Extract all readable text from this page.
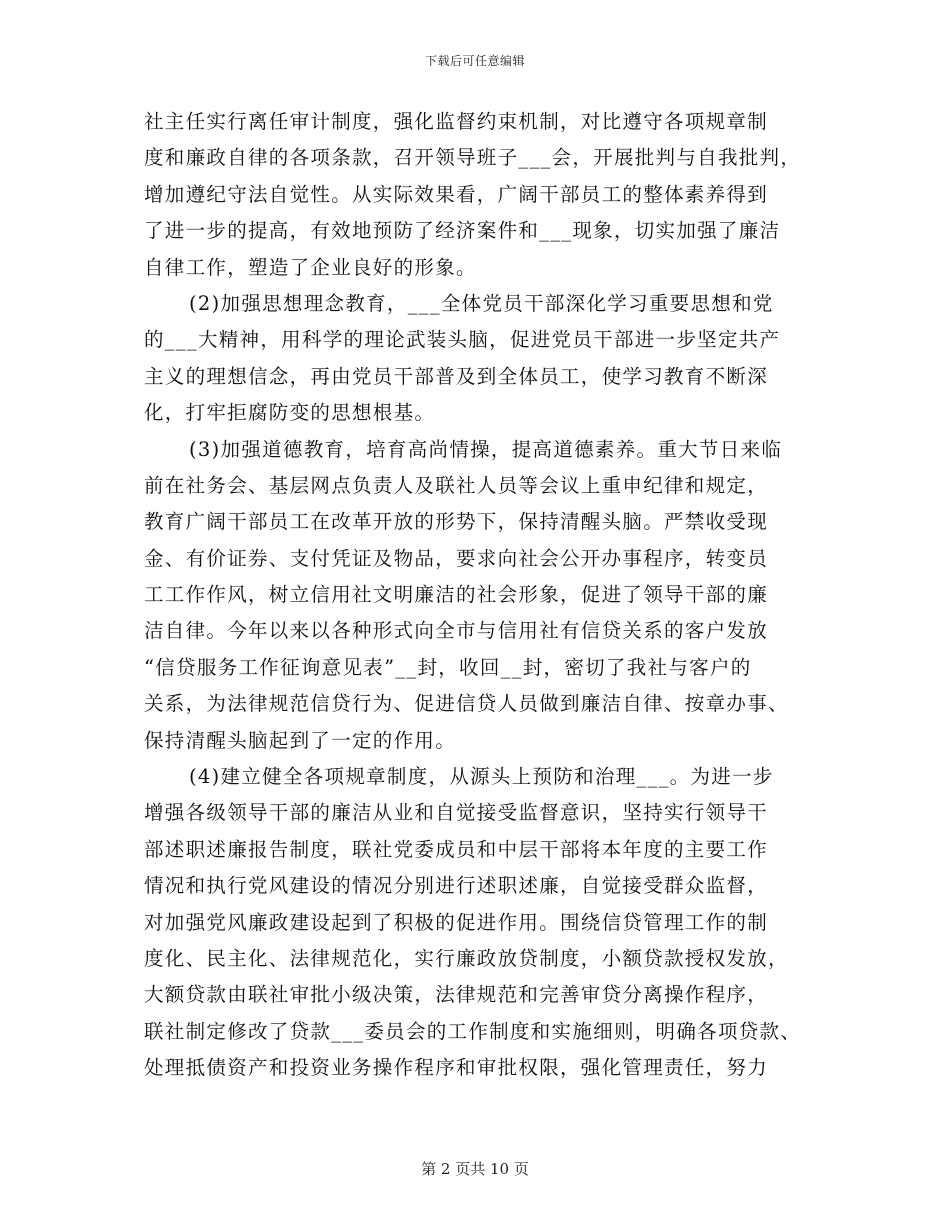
下载后可任意编辑
社主任实行离任审计制度，强化监督约束机制，对比遵守各项规章制
度和廉政自律的各项条款，召开领导班子___会，开展批判与自我批判，
增加遵纪守法自觉性。从实际效果看，广阔干部员工的整体素养得到
了进一步的提高，有效地预防了经济案件和___现象，切实加强了廉洁
自律工作，塑造了企业良好的形象。
(2)加强思想理念教育，___全体党员干部深化学习重要思想和党
的___大精神，用科学的理论武装头脑，促进党员干部进一步坚定共产
主义的理想信念，再由党员干部普及到全体员工，使学习教育不断深
化，打牢拒腐防变的思想根基。
(3)加强道德教育，培育高尚情操，提高道德素养。重大节日来临
前在社务会、基层网点负责人及联社人员等会议上重申纪律和规定，
教育广阔干部员工在改革开放的形势下，保持清醒头脑。严禁收受现
金、有价证券、支付凭证及物品，要求向社会公开办事程序，转变员
工工作作风，树立信用社文明廉洁的社会形象，促进了领导干部的廉
洁自律。今年以来以各种形式向全市与信用社有信贷关系的客户发放
“信贷服务工作征询意见表”__封，收回__封，密切了我社与客户的
关系，为法律规范信贷行为、促进信贷人员做到廉洁自律、按章办事、
保持清醒头脑起到了一定的作用。
(4)建立健全各项规章制度，从源头上预防和治理___。为进一步
增强各级领导干部的廉洁从业和自觉接受监督意识，坚持实行领导干
部述职述廉报告制度，联社党委成员和中层干部将本年度的主要工作
情况和执行党风建设的情况分别进行述职述廉，自觉接受群众监督，
对加强党风廉政建设起到了积极的促进作用。围绕信贷管理工作的制
度化、民主化、法律规范化，实行廉政放贷制度，小额贷款授权发放，
大额贷款由联社审批小级决策，法律规范和完善审贷分离操作程序，
联社制定修改了贷款___委员会的工作制度和实施细则，明确各项贷款、
处理抵债资产和投资业务操作程序和审批权限，强化管理责任，努力
第 2 页共 10 页
